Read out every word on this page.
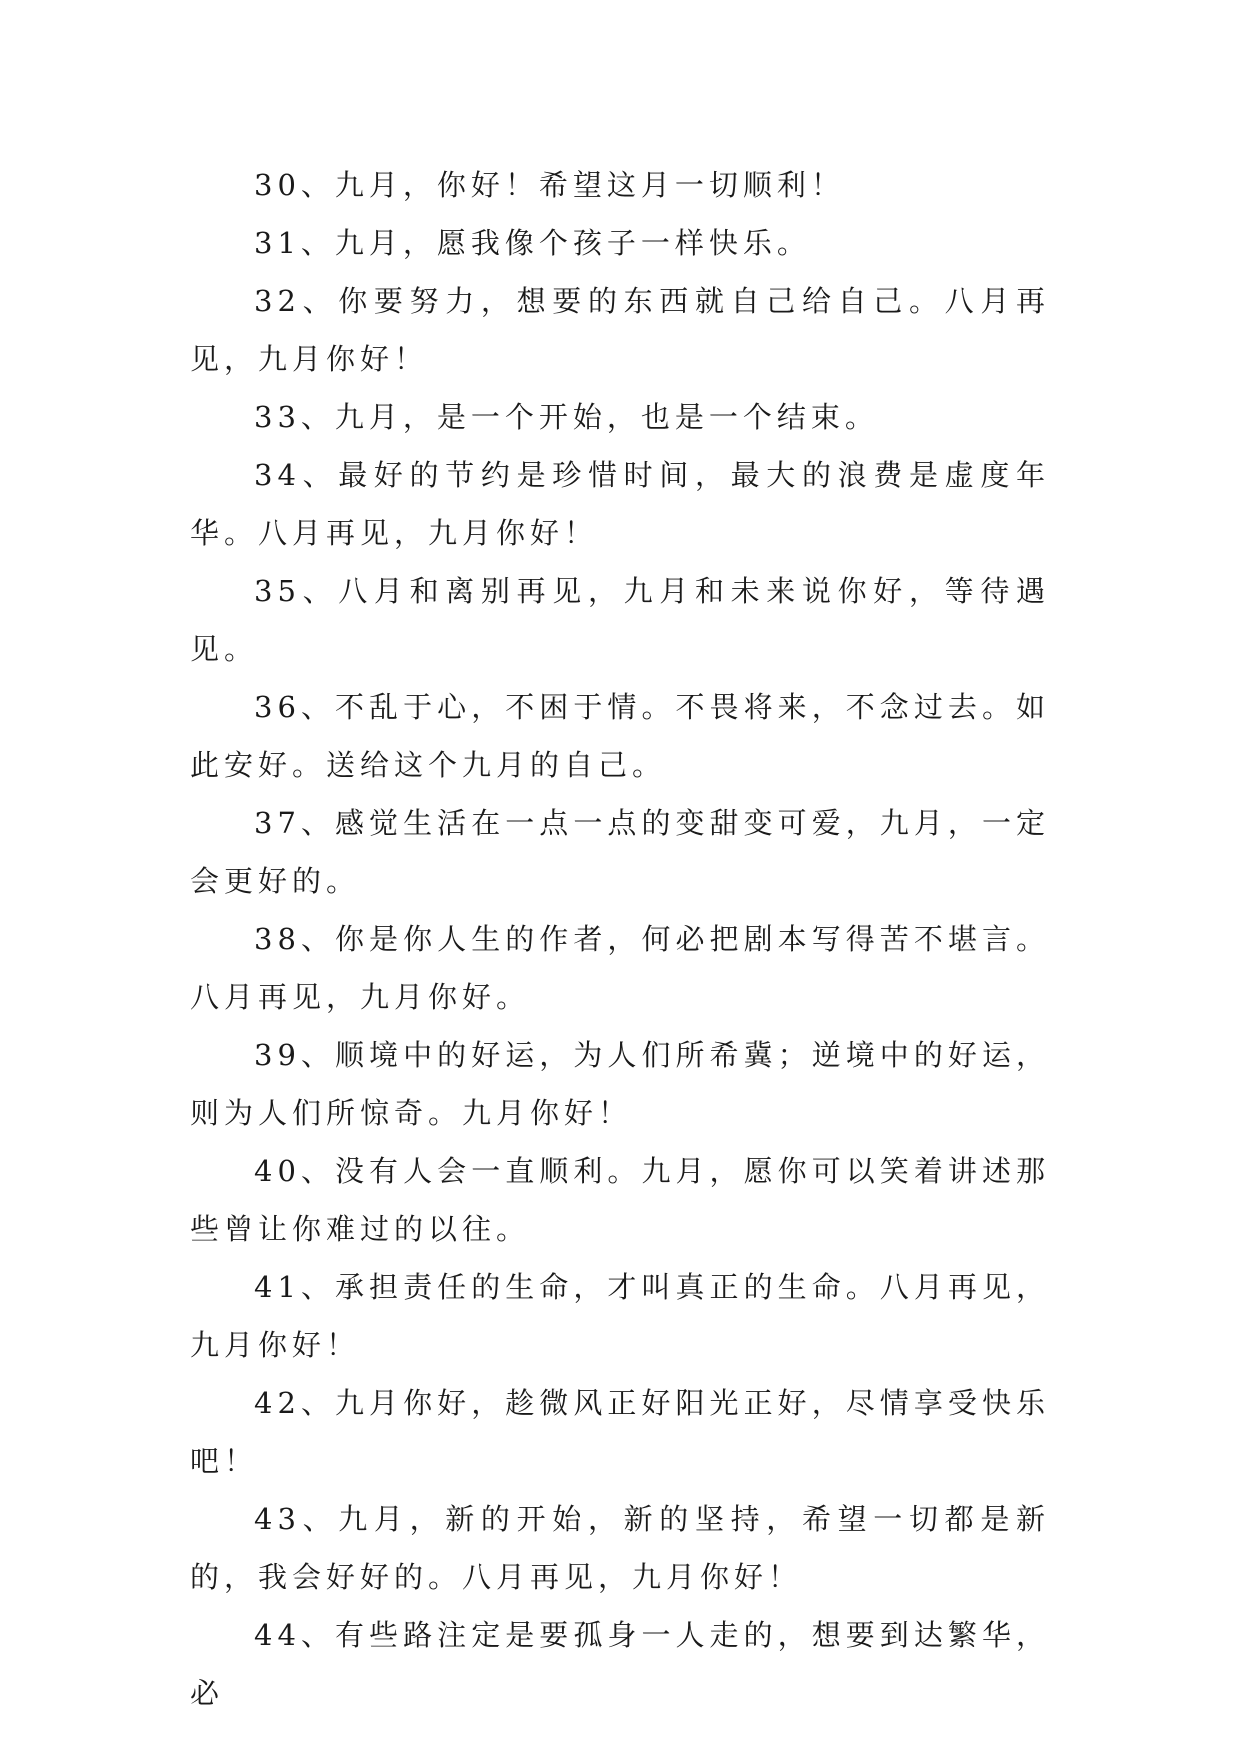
30、九月，你好！希望这月一切顺利！

31、九月，愿我像个孩子一样快乐。

32、你要努力，想要的东西就自己给自己。八月再见，九月你好！

33、九月，是一个开始，也是一个结束。

34、最好的节约是珍惜时间，最大的浪费是虚度年华。八月再见，九月你好！

35、八月和离别再见，九月和未来说你好，等待遇见。

36、不乱于心，不困于情。不畏将来，不念过去。如此安好。送给这个九月的自己。

37、感觉生活在一点一点的变甜变可爱，九月，一定会更好的。

38、你是你人生的作者，何必把剧本写得苦不堪言。八月再见，九月你好。

39、顺境中的好运，为人们所希冀；逆境中的好运，则为人们所惊奇。九月你好！

40、没有人会一直顺利。九月，愿你可以笑着讲述那些曾让你难过的以往。

41、承担责任的生命，才叫真正的生命。八月再见，九月你好！

42、九月你好，趁微风正好阳光正好，尽情享受快乐吧！

43、九月，新的开始，新的坚持，希望一切都是新的，我会好好的。八月再见，九月你好！

44、有些路注定是要孤身一人走的，想要到达繁华，必
